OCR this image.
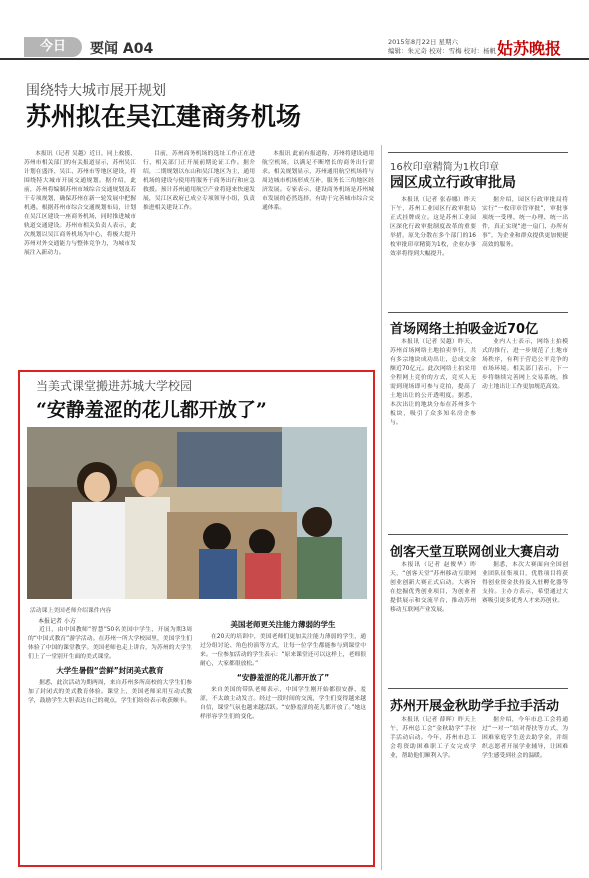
今日	要闻 A04	2015年8月22日 星期六
编辑：朱元奇 校对：雪梅 校对：杨帆 姑苏晚报
围绕特大城市展开规划
苏州拟在吴江建商务机场

本报讯（记者 吴越）近日，同上救援、苏州市相关部门的有关报道显示，苏州吴江计划在盛泽、吴江、苏州市等地区建设，将围绕特大城市开展交通规划。据介绍，此前，苏州将编制苏州市域综合交通规划及若干专项规划，确保苏州在新一轮发展中把握机遇。根据苏州市综合交通规划布局，计划在吴江区建设一座商务机场，同时推进城市轨道交通建设。苏州市相关负责人表示，此次规划以吴江商务机场为中心，将极大提升苏州对外交通能力与整体竞争力，为城市发展注入新动力。

目前，苏州商务机场的选址工作正在进行，相关部门正开展前期论证工作。据介绍，二期规划以东山和吴江地区为主，通用机场的建设与使用将服务于商务出行和应急救援。预计苏州通用航空产业将迎来快速发展，吴江区政府已成立专项领导小组，负责推进相关建设工作。

本报讯 此前有报道称，苏州将建设通用航空机场，以满足不断增长的商务出行需求。相关规划显示，苏州通用航空机场将与周边城市机场形成互补，服务长三角地区经济发展。专家表示，建设商务机场是苏州城市发展的必然选择，有助于完善城市综合交通体系。

当美式课堂搬进苏城大学校园
“安静羞涩的花儿都开放了”
活动课上美国老师介绍课件内容
本报记者 小方

近日，由中国教师“智慧”50名美国中学生，开展为期3周的“中国式教育”游学活动。在苏州一所大学校园里，美国学生们体验了中国的课堂教学。美国老师也走上讲台，为苏州的大学生们上了一堂别开生面的美式课堂。

大学生暑假“尝鲜”封闭美式教育

据悉，此次活动为期两周，来自苏州多所高校的大学生们参加了封闭式的美式教育体验。课堂上，美国老师采用互动式教学，鼓励学生大胆表达自己的观点，学生们纷纷表示收获颇丰。

美国老师更关注能力薄弱的学生

在20天的培训中，美国老师们更加关注能力薄弱的学生，通过分组讨论、角色扮演等方式，让每一位学生都能参与到课堂中来。一位参加活动的学生表示：“原来课堂还可以这样上，老师很耐心，大家都很放松。”

“安静羞涩的花儿都开放了”

来自美国的带队老师表示，中国学生刚开始都很安静、羞涩，不太敢主动发言。经过一段时间的交流，学生们变得越来越自信，课堂气氛也越来越活跃。“安静羞涩的花儿都开放了。”她这样形容学生们的变化。

16枚印章精简为1枚印章
园区成立行政审批局

本报讯（记者 张春娜）昨天下午，苏州工业园区行政审批局正式挂牌成立。这是苏州工业园区深化行政审批制度改革的重要举措，原先分散在多个部门的16枚审批印章精简为1枚，企业办事效率将得到大幅提升。

据介绍，园区行政审批局将实行“一枚印章管审批”，审批事项统一受理、统一办理、统一出件，真正实现“进一扇门、办所有事”，为企业和群众提供更加便捷高效的服务。

首场网络土拍吸金近70亿

本报讯（记者 吴越）昨天，苏州首场网络土地拍卖举行，共有多宗地块成功出让，总成交金额近70亿元。此次网络土拍采用全程网上竞价的方式，竞买人无需到现场即可参与竞拍，提高了土地出让的公开透明度。据悉，本次出让的地块分布在苏州多个板块，吸引了众多知名房企参与。

业内人士表示，网络土拍模式的推行，进一步规范了土地市场秩序，有利于营造公平竞争的市场环境。相关部门表示，下一步将继续完善网上交易系统，推动土地出让工作更加规范高效。

创客天堂互联网创业大赛启动

本报讯（记者 赵俊华）昨天，“创客天堂”苏州移动互联网创业创新大赛正式启动。大赛旨在挖掘优秀创业项目，为创业者提供展示和交流平台，推动苏州移动互联网产业发展。

据悉，本次大赛面向全国创业团队征集项目，优胜项目将获得创业资金扶持及入驻孵化器等支持。主办方表示，希望通过大赛吸引更多优秀人才来苏创业。

苏州开展金秋助学手拉手活动

本报讯（记者 薛晖）昨天上午，苏州总工会“金秋助学”手拉手活动启动。今年，苏州市总工会将资助困难职工子女完成学业，帮助他们顺利入学。

据介绍，今年市总工会将通过“一对一”结对帮扶等方式，为困难家庭学生送去助学金，并组织志愿者开展学业辅导，让困难学生感受到社会的温暖。
